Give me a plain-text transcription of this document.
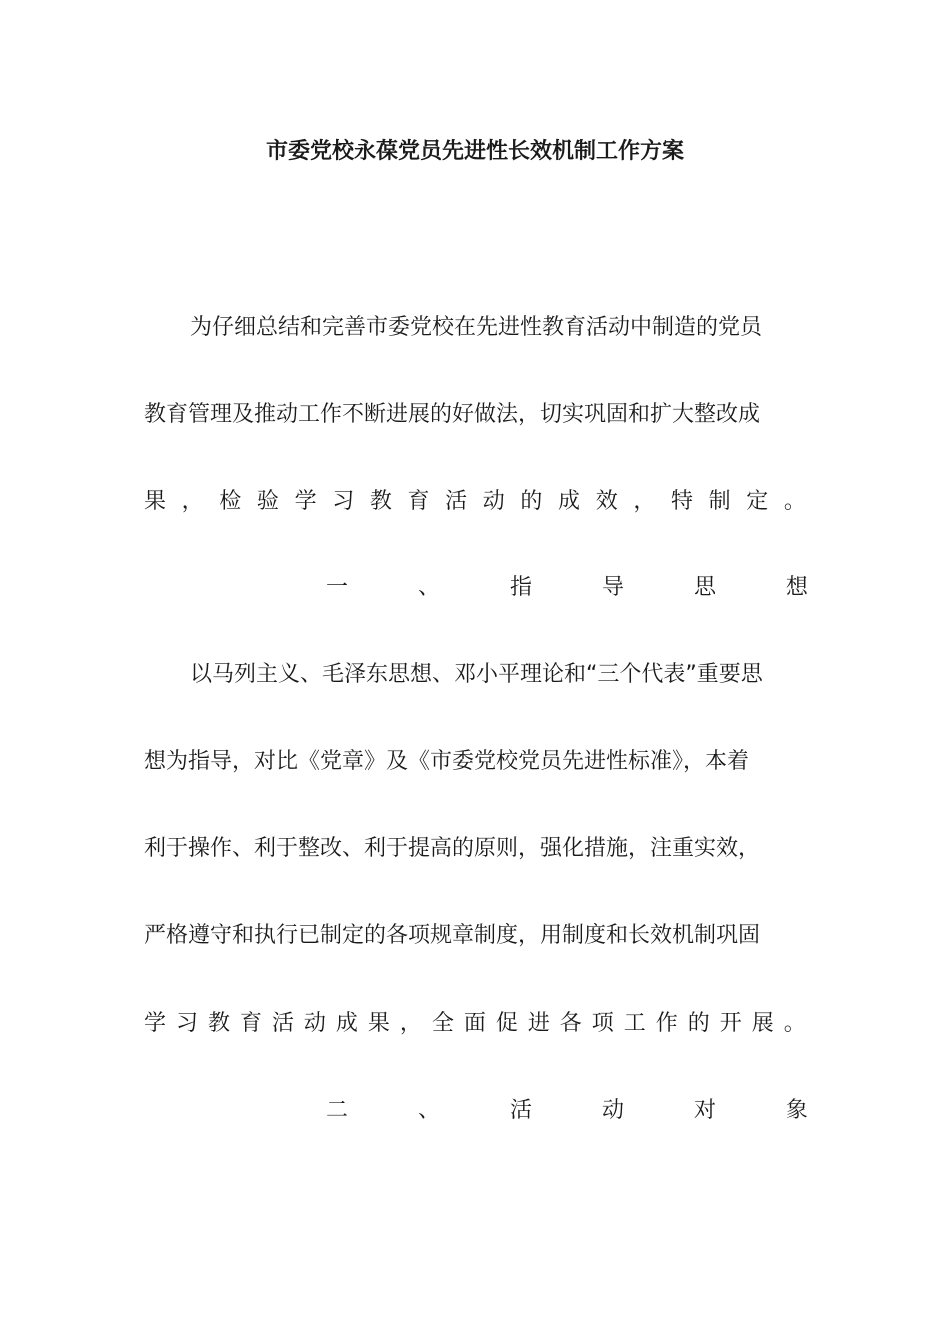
市委党校永葆党员先进性长效机制工作方案
为仔细总结和完善市委党校在先进性教育活动中制造的党员
教育管理及推动工作不断进展的好做法，切实巩固和扩大整改成
果 ， 检 验 学 习 教 育 活 动 的 成 效 ， 特 制 定 。
一	、	指	导	思	想
以马列主义、毛泽东思想、邓小平理论和“三个代表”重要思
想为指导，对比《党章》及《市委党校党员先进性标准》，本着
利于操作、利于整改、利于提高的原则，强化措施，注重实效，
严格遵守和执行已制定的各项规章制度，用制度和长效机制巩固
学 习 教 育 活 动 成 果 ， 全 面 促 进 各 项 工 作 的 开 展 。
二	、	活	动	对	象
